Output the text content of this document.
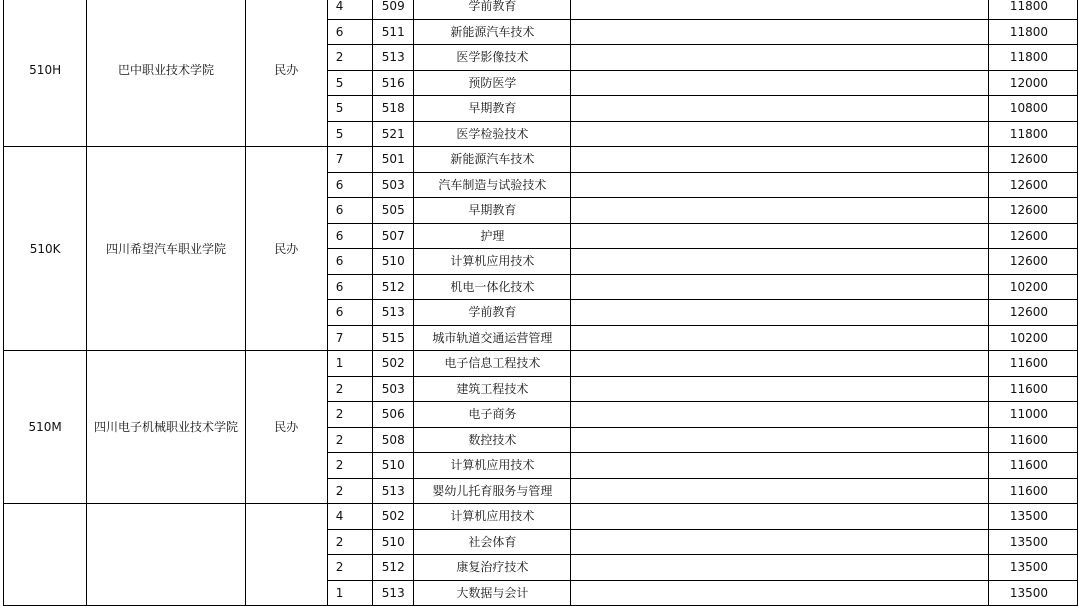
510H	巴中职业技术学院	民办	4	509	学前教育		11800
			6	511	新能源汽车技术		11800
			2	513	医学影像技术		11800
			5	516	预防医学		12000
			5	518	早期教育		10800
			5	521	医学检验技术		11800
510K	四川希望汽车职业学院	民办	7	501	新能源汽车技术		12600
			6	503	汽车制造与试验技术		12600
			6	505	早期教育		12600
			6	507	护理		12600
			6	510	计算机应用技术		12600
			6	512	机电一体化技术		10200
			6	513	学前教育		12600
			7	515	城市轨道交通运营管理		10200
510M	四川电子机械职业技术学院	民办	1	502	电子信息工程技术		11600
			2	503	建筑工程技术		11600
			2	506	电子商务		11000
			2	508	数控技术		11600
			2	510	计算机应用技术		11600
			2	513	婴幼儿托育服务与管理		11600
			4	502	计算机应用技术		13500
			2	510	社会体育		13500
			2	512	康复治疗技术		13500
			1	513	大数据与会计		13500
